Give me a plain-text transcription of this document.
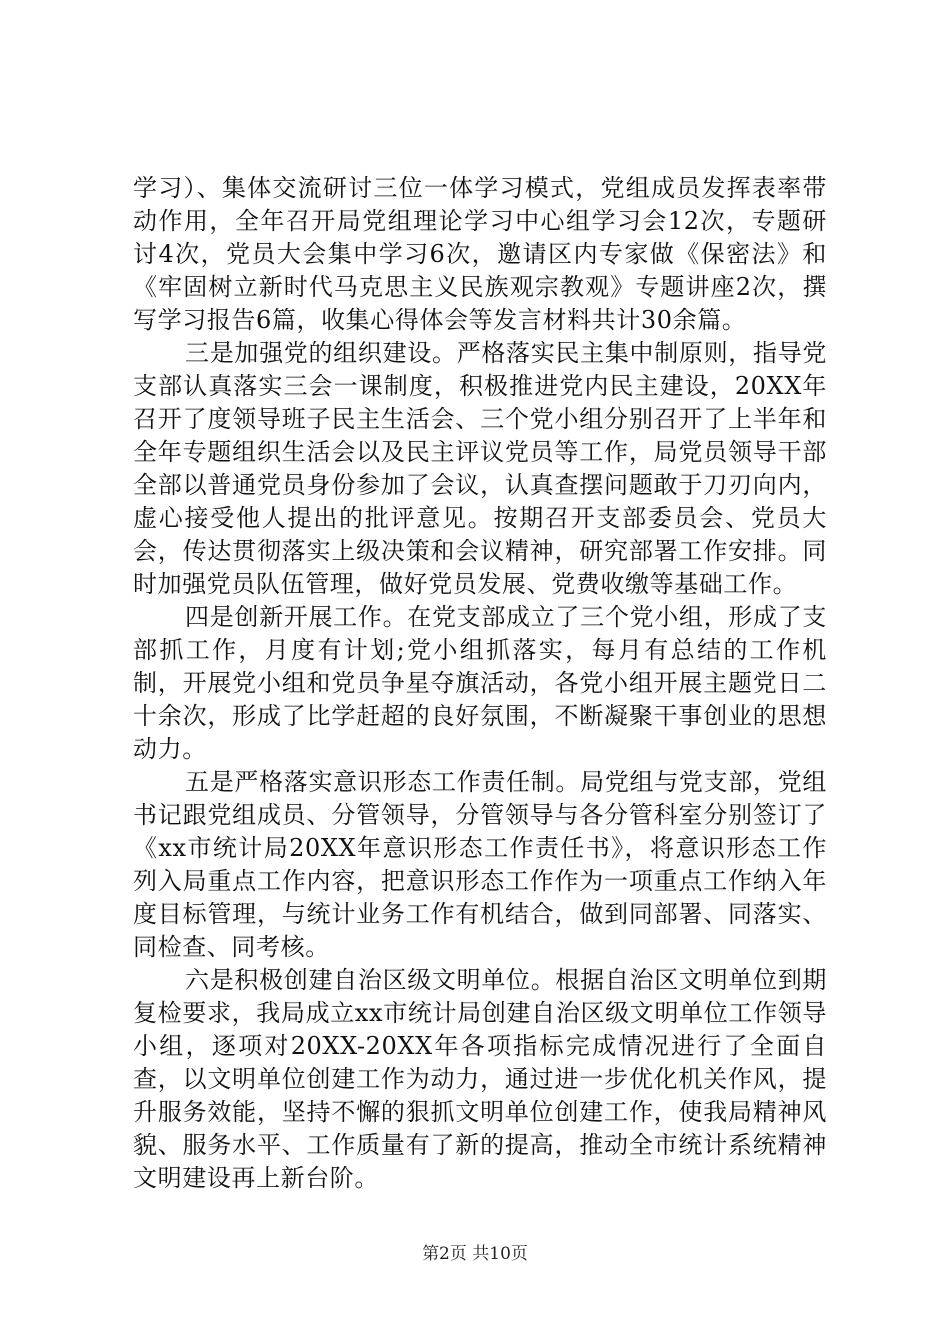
学习）、集体交流研讨三位一体学习模式，党组成员发挥表率带动作用，全年召开局党组理论学习中心组学习会12次，专题研讨4次，党员大会集中学习6次，邀请区内专家做《保密法》和《牢固树立新时代马克思主义民族观宗教观》专题讲座2次，撰写学习报告6篇，收集心得体会等发言材料共计30余篇。

三是加强党的组织建设。严格落实民主集中制原则，指导党支部认真落实三会一课制度，积极推进党内民主建设，20XX年召开了度领导班子民主生活会、三个党小组分别召开了上半年和全年专题组织生活会以及民主评议党员等工作，局党员领导干部全部以普通党员身份参加了会议，认真查摆问题敢于刀刃向内，虚心接受他人提出的批评意见。按期召开支部委员会、党员大会，传达贯彻落实上级决策和会议精神，研究部署工作安排。同时加强党员队伍管理，做好党员发展、党费收缴等基础工作。

四是创新开展工作。在党支部成立了三个党小组，形成了支部抓工作，月度有计划;党小组抓落实，每月有总结的工作机制，开展党小组和党员争星夺旗活动，各党小组开展主题党日二十余次，形成了比学赶超的良好氛围，不断凝聚干事创业的思想动力。

五是严格落实意识形态工作责任制。局党组与党支部，党组书记跟党组成员、分管领导，分管领导与各分管科室分别签订了《xx市统计局20XX年意识形态工作责任书》，将意识形态工作列入局重点工作内容，把意识形态工作作为一项重点工作纳入年度目标管理，与统计业务工作有机结合，做到同部署、同落实、同检查、同考核。

六是积极创建自治区级文明单位。根据自治区文明单位到期复检要求，我局成立xx市统计局创建自治区级文明单位工作领导小组，逐项对20XX-20XX年各项指标完成情况进行了全面自查，以文明单位创建工作为动力，通过进一步优化机关作风，提升服务效能，坚持不懈的狠抓文明单位创建工作，使我局精神风貌、服务水平、工作质量有了新的提高，推动全市统计系统精神文明建设再上新台阶。

第2页 共10页
